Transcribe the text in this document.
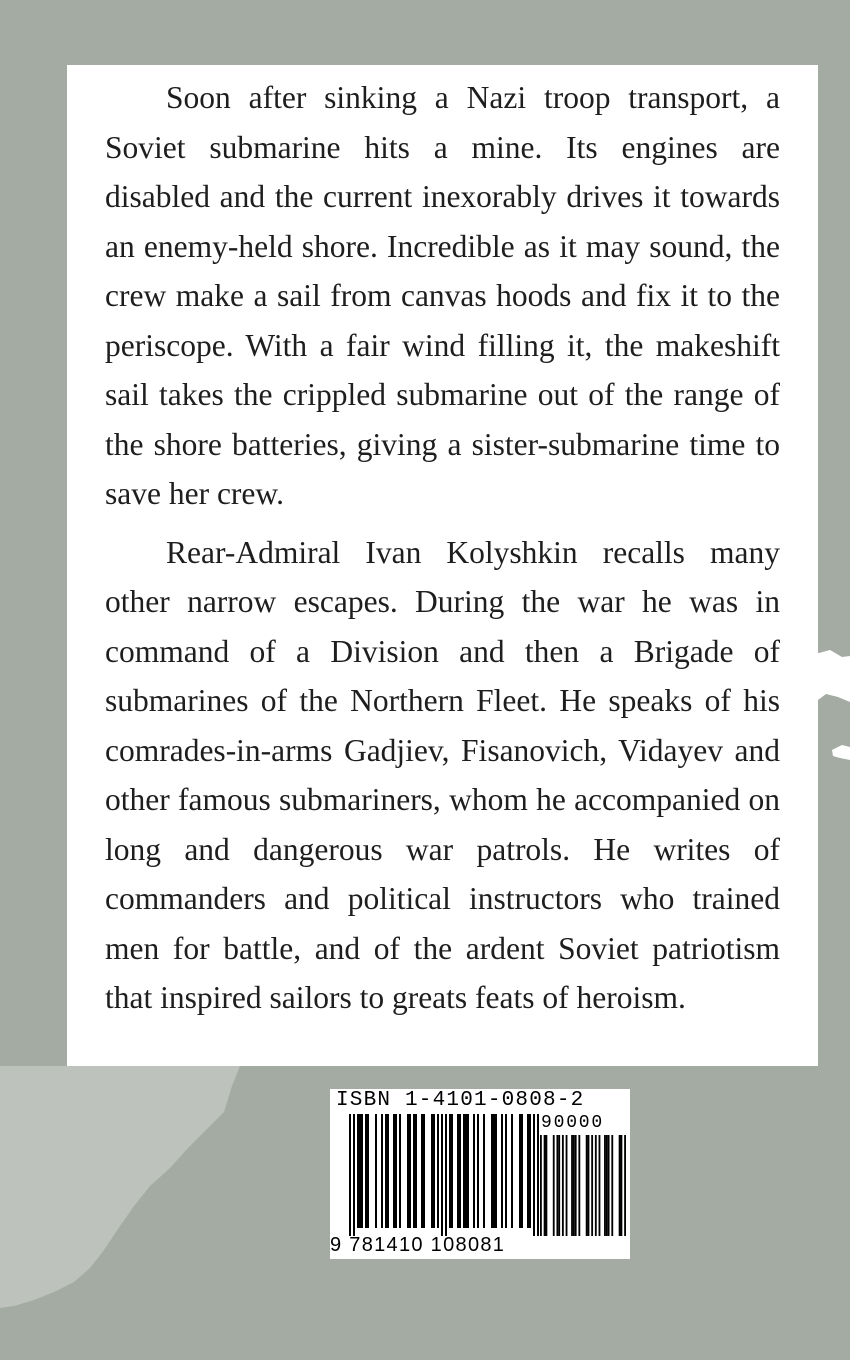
Soon after sinking a Nazi troop transport, a Soviet submarine hits a mine. Its engines are disabled and the current inexorably drives it towards an enemy-held shore. Incredible as it may sound, the crew make a sail from canvas hoods and fix it to the periscope. With a fair wind filling it, the makeshift sail takes the crippled submarine out of the range of the shore batteries, giving a sister-submarine time to save her crew.

Rear-Admiral Ivan Kolyshkin recalls many other narrow escapes. During the war he was in command of a Division and then a Brigade of submarines of the Northern Fleet. He speaks of his comrades-in-arms Gadjiev, Fisanovich, Vidayev and other famous submariners, whom he accompanied on long and dangerous war patrols. He writes of commanders and political instructors who trained men for battle, and of the ardent Soviet patriotism that inspired sailors to greats feats of heroism.

ISBN 1-4101-0808-2
90000
9 781410 108081
